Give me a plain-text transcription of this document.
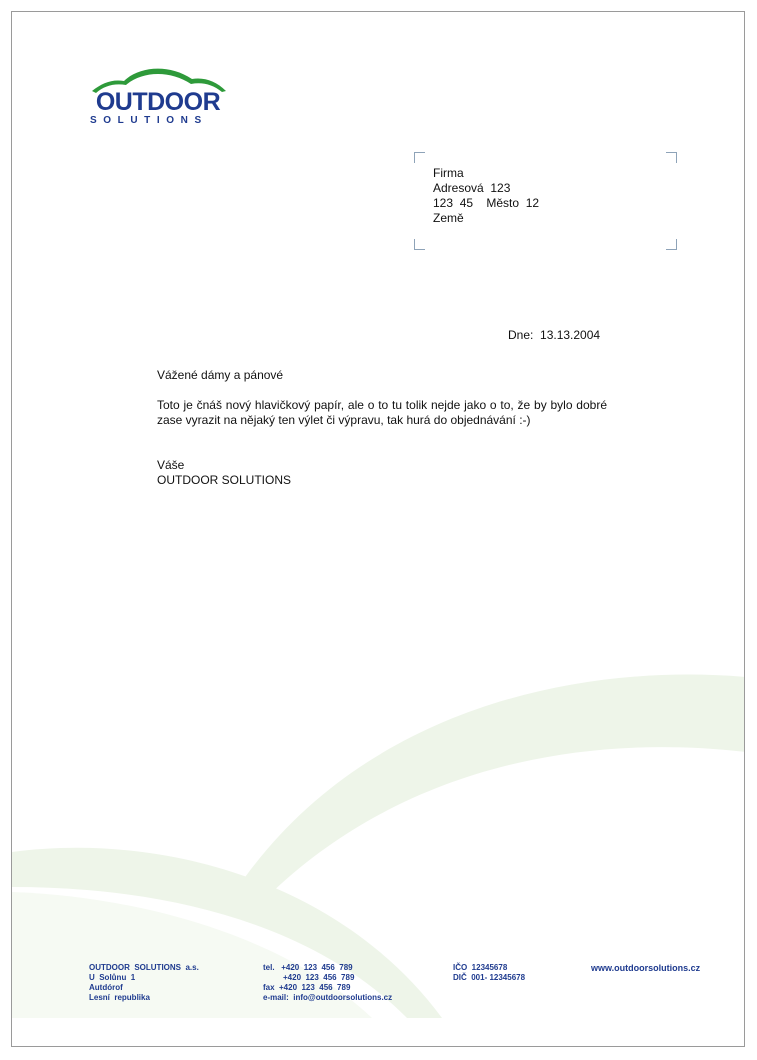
OUTDOOR
SOLUTIONS
Firma
Adresová  123
123  45    Město  12
Země
Dne:  13.13.2004
Vážené dámy a pánové
Toto je čnáš nový hlavičkový papír, ale o to tu tolik nejde jako o to, že by bylo dobré zase vyrazit na nějaký ten výlet či výpravu, tak hurá do objednávání :-)
Váše
OUTDOOR SOLUTIONS
OUTDOOR  SOLUTIONS  a.s.
U  Solůnu  1
Autdórof
Lesní  republika
tel.   +420  123  456  789
+420  123  456  789
fax  +420  123  456  789
e-mail:  info@outdoorsolutions.cz
IČO  12345678
DIČ  001- 12345678
www.outdoorsolutions.cz
